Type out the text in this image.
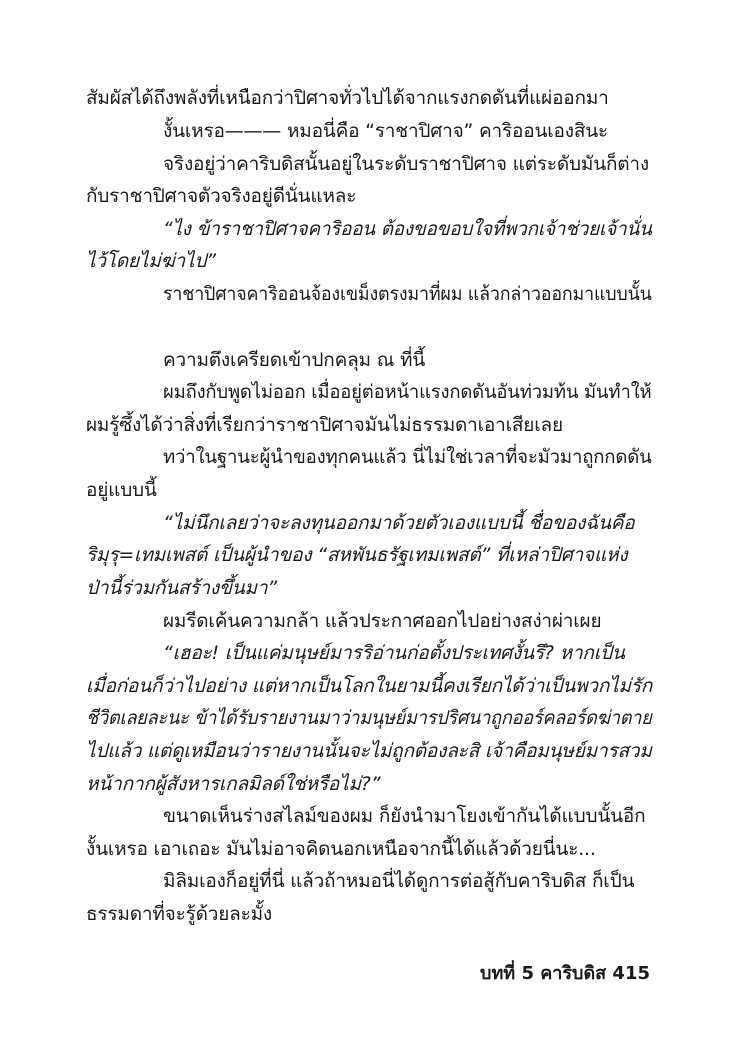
สัมผัสได้ถึงพลังที่เหนือกว่าปิศาจทั่วไปได้จากแรงกดดันที่แผ่ออกมา
งั้นเหรอ——— หมอนี่คือ “ราชาปิศาจ” คาริออนเองสินะ
จริงอยู่ว่าคาริบดิสนั้นอยู่ในระดับราชาปิศาจ แต่ระดับมันก็ต่าง
กับราชาปิศาจตัวจริงอยู่ดีนั่นแหละ
“ไง ข้าราชาปิศาจคาริออน ต้องขอขอบใจที่พวกเจ้าช่วยเจ้านั่น
ไว้โดยไม่ฆ่าไป”
ราชาปิศาจคาริออนจ้องเขม็งตรงมาที่ผม แล้วกล่าวออกมาแบบนั้น
ความตึงเครียดเข้าปกคลุม ณ ที่นี้
ผมถึงกับพูดไม่ออก เมื่ออยู่ต่อหน้าแรงกดดันอันท่วมท้น มันทำให้
ผมรู้ซึ้งได้ว่าสิ่งที่เรียกว่าราชาปิศาจมันไม่ธรรมดาเอาเสียเลย
ทว่าในฐานะผู้นำของทุกคนแล้ว นี่ไม่ใช่เวลาที่จะมัวมาถูกกดดัน
อยู่แบบนี้
“ไม่นึกเลยว่าจะลงทุนออกมาด้วยตัวเองแบบนี้ ชื่อของฉันคือ
ริมุรุ=เทมเพสต์ เป็นผู้นำของ “สหพันธรัฐเทมเพสต์” ที่เหล่าปิศาจแห่ง
ป่านี้ร่วมกันสร้างขึ้นมา”
ผมรีดเค้นความกล้า แล้วประกาศออกไปอย่างสง่าผ่าเผย
“เฮอะ! เป็นแค่มนุษย์มารริอ่านก่อตั้งประเทศงั้นรึ? หากเป็น
เมื่อก่อนก็ว่าไปอย่าง แต่หากเป็นโลกในยามนี้คงเรียกได้ว่าเป็นพวกไม่รัก
ชีวิตเลยละนะ ข้าได้รับรายงานมาว่ามนุษย์มารปริศนาถูกออร์คลอร์ดฆ่าตาย
ไปแล้ว แต่ดูเหมือนว่ารายงานนั้นจะไม่ถูกต้องละสิ เจ้าคือมนุษย์มารสวม
หน้ากากผู้สังหารเกลมิลด์ใช่หรือไม่?”
ขนาดเห็นร่างสไลม์ของผม ก็ยังนำมาโยงเข้ากันได้แบบนั้นอีก
งั้นเหรอ เอาเถอะ มันไม่อาจคิดนอกเหนือจากนี้ได้แล้วด้วยนี่นะ...
มิลิมเองก็อยู่ที่นี่ แล้วถ้าหมอนี่ได้ดูการต่อสู้กับคาริบดิส ก็เป็น
ธรรมดาที่จะรู้ด้วยละมั้ง
บทที่ 5 คาริบดิส 415
